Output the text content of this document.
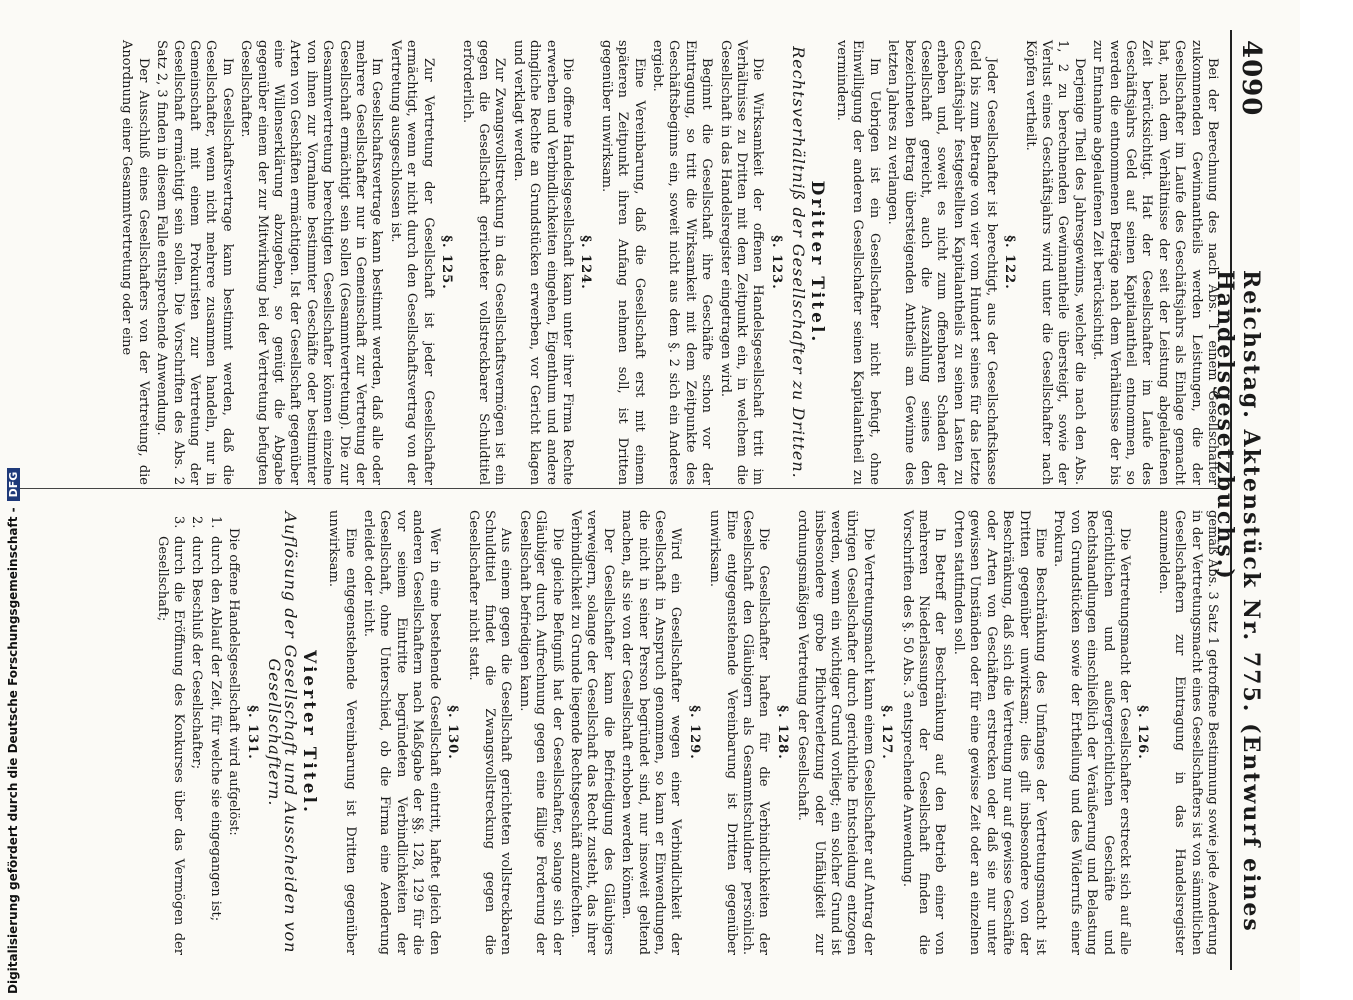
4090
Reichstag. Aktenstück Nr. 775. (Entwurf eines Handelsgesetzbuchs.)

Bei der Berechnung des nach Abs. 1 einem Gesellschafter zukommenden Gewinnantheils werden Leistungen, die der Gesellschafter im Laufe des Geschäftsjahrs als Einlage gemacht hat, nach dem Verhältnisse der seit der Leistung abgelaufenen Zeit berücksichtigt. Hat der Gesellschafter im Laufe des Geschäftsjahrs Geld auf seinen Kapitalantheil entnommen, so werden die entnommenen Beträge nach dem Verhältnisse der bis zur Entnahme abgelaufenen Zeit berücksichtigt.

Derjenige Theil des Jahresgewinns, welcher die nach den Abs. 1, 2 zu berechnenden Gewinnantheile übersteigt, sowie der Verlust eines Geschäftsjahrs wird unter die Gesellschafter nach Köpfen vertheilt.

§. 122.

Jeder Gesellschafter ist berechtigt, aus der Gesellschaftskasse Geld bis zum Betrage von vier vom Hundert seines für das letzte Geschäftsjahr festgestellten Kapitalantheils zu seinen Lasten zu erheben und, soweit es nicht zum offenbaren Schaden der Gesellschaft gereicht, auch die Auszahlung seines den bezeichneten Betrag übersteigenden Antheils am Gewinne des letzten Jahres zu verlangen.

Im Uebrigen ist ein Gesellschafter nicht befugt, ohne Einwilligung der anderen Gesellschafter seinen Kapitalantheil zu vermindern.

Dritter Titel.

Rechtsverhältniß der Gesellschafter zu Dritten.

§. 123.

Die Wirksamkeit der offenen Handelsgesellschaft tritt im Verhältnisse zu Dritten mit dem Zeitpunkt ein, in welchem die Gesellschaft in das Handelsregister eingetragen wird.

Beginnt die Gesellschaft ihre Geschäfte schon vor der Eintragung, so tritt die Wirksamkeit mit dem Zeitpunkte des Geschäftsbeginns ein, soweit nicht aus dem §. 2 sich ein Anderes ergiebt.

Eine Vereinbarung, daß die Gesellschaft erst mit einem späteren Zeitpunkt ihren Anfang nehmen soll, ist Dritten gegenüber unwirksam.

§. 124.

Die offene Handelsgesellschaft kann unter ihrer Firma Rechte erwerben und Verbindlichkeiten eingehen, Eigenthum und andere dingliche Rechte an Grundstücken erwerben, vor Gericht klagen und verklagt werden.

Zur Zwangsvollstreckung in das Gesellschaftsvermögen ist ein gegen die Gesellschaft gerichteter vollstreckbarer Schuldtitel erforderlich.

§. 125.

Zur Vertretung der Gesellschaft ist jeder Gesellschafter ermächtigt, wenn er nicht durch den Gesellschaftsvertrag von der Vertretung ausgeschlossen ist.

Im Gesellschaftsvertrage kann bestimmt werden, daß alle oder mehrere Gesellschafter nur in Gemeinschaft zur Vertretung der Gesellschaft ermächtigt sein sollen (Gesammtvertretung). Die zur Gesammtvertretung berechtigten Gesellschafter können einzelne von ihnen zur Vornahme bestimmter Geschäfte oder bestimmter Arten von Geschäften ermächtigen. Ist der Gesellschaft gegenüber eine Willenserklärung abzugeben, so genügt die Abgabe gegenüber einem der zur Mitwirkung bei der Vertretung befugten Gesellschafter.

Im Gesellschaftsvertrage kann bestimmt werden, daß die Gesellschafter, wenn nicht mehrere zusammen handeln, nur in Gemeinschaft mit einem Prokuristen zur Vertretung der Gesellschaft ermächtigt sein sollen. Die Vorschriften des Abs. 2 Satz 2, 3 finden in diesem Falle entsprechende Anwendung.

Der Ausschluß eines Gesellschafters von der Vertretung, die Anordnung einer Gesammtvertretung oder eine

gemäß Abs. 3 Satz 1 getroffene Bestimmung sowie jede Aenderung in der Vertretungsmacht eines Gesellschafters ist von sämmtlichen Gesellschaftern zur Eintragung in das Handelsregister anzumelden.

§. 126.

Die Vertretungsmacht der Gesellschafter erstreckt sich auf alle gerichtlichen und außergerichtlichen Geschäfte und Rechtshandlungen einschließlich der Veräußerung und Belastung von Grundstücken sowie der Ertheilung und des Widerrufs einer Prokura.

Eine Beschränkung des Umfanges der Vertretungsmacht ist Dritten gegenüber unwirksam; dies gilt insbesondere von der Beschränkung, daß sich die Vertretung nur auf gewisse Geschäfte oder Arten von Geschäften erstrecken oder daß sie nur unter gewissen Umständen oder für eine gewisse Zeit oder an einzelnen Orten stattfinden soll.

In Betreff der Beschränkung auf den Betrieb einer von mehreren Niederlassungen der Gesellschaft finden die Vorschriften des §. 50 Abs. 3 entsprechende Anwendung.

§. 127.

Die Vertretungsmacht kann einem Gesellschafter auf Antrag der übrigen Gesellschafter durch gerichtliche Entscheidung entzogen werden, wenn ein wichtiger Grund vorliegt; ein solcher Grund ist insbesondere grobe Pflichtverletzung oder Unfähigkeit zur ordnungsmäßigen Vertretung der Gesellschaft.

§. 128.

Die Gesellschafter haften für die Verbindlichkeiten der Gesellschaft den Gläubigern als Gesammtschuldner persönlich. Eine entgegenstehende Vereinbarung ist Dritten gegenüber unwirksam.

§. 129.

Wird ein Gesellschafter wegen einer Verbindlichkeit der Gesellschaft in Anspruch genommen, so kann er Einwendungen, die nicht in seiner Person begründet sind, nur insoweit geltend machen, als sie von der Gesellschaft erhoben werden können.

Der Gesellschafter kann die Befriedigung des Gläubigers verweigern, solange der Gesellschaft das Recht zusteht, das ihrer Verbindlichkeit zu Grunde liegende Rechtsgeschäft anzufechten.

Die gleiche Befugniß hat der Gesellschafter, solange sich der Gläubiger durch Aufrechnung gegen eine fällige Forderung der Gesellschaft befriedigen kann.

Aus einem gegen die Gesellschaft gerichteten vollstreckbaren Schuldtitel findet die Zwangsvollstreckung gegen die Gesellschafter nicht statt.

§. 130.

Wer in eine bestehende Gesellschaft eintritt, haftet gleich den anderen Gesellschaftern nach Maßgabe der §§. 128, 129 für die vor seinem Eintritte begründeten Verbindlichkeiten der Gesellschaft, ohne Unterschied, ob die Firma eine Aenderung erleidet oder nicht.

Eine entgegenstehende Vereinbarung ist Dritten gegenüber unwirksam.

Vierter Titel.

Auflösung der Gesellschaft und Ausscheiden von Gesellschaftern.

§. 131.

Die offene Handelsgesellschaft wird aufgelöst:

1.
durch den Ablauf der Zeit, für welche sie eingegangen ist;

2.
durch Beschluß der Gesellschafter;

3.
durch die Eröffnung des Konkurses über das Vermögen der Gesellschaft;

Digitalisierung gefördert durch die Deutsche Forschungsgemeinschaft -DFG
